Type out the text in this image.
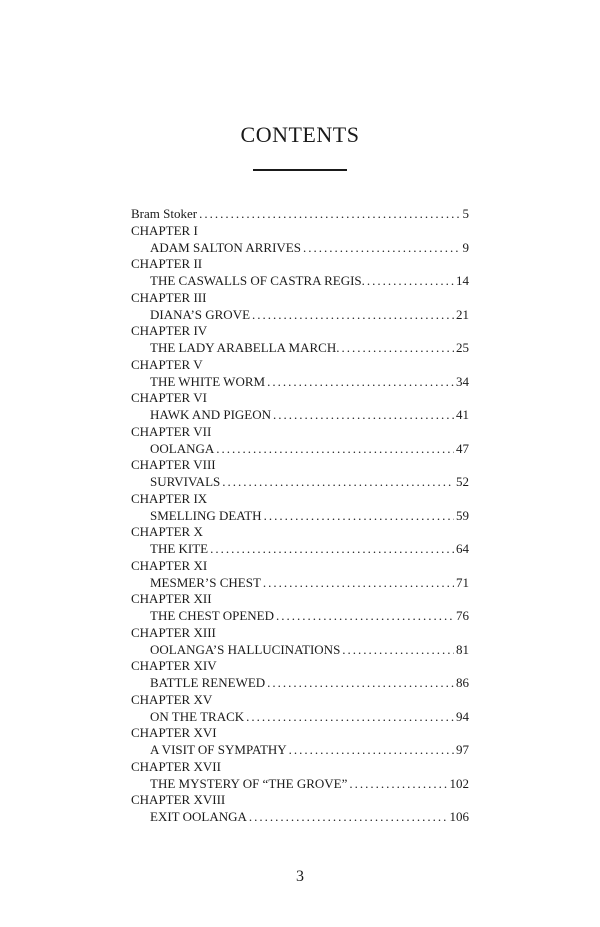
CONTENTS
Bram Stoker .....	5
CHAPTER I
ADAM SALTON ARRIVES .....	9
CHAPTER II
THE CASWALLS OF CASTRA REGIS. .....	14
CHAPTER III
DIANA’S GROVE .....	21
CHAPTER IV
THE LADY ARABELLA MARCH. .....	25
CHAPTER V
THE WHITE WORM .....	34
CHAPTER VI
HAWK AND PIGEON .....	41
CHAPTER VII
OOLANGA .....	47
CHAPTER VIII
SURVIVALS .....	52
CHAPTER IX
SMELLING DEATH .....	59
CHAPTER X
THE KITE .....	64
CHAPTER XI
MESMER’S CHEST .....	71
CHAPTER XII
THE CHEST OPENED .....	76
CHAPTER XIII
OOLANGA’S HALLUCINATIONS .....	81
CHAPTER XIV
BATTLE RENEWED .....	86
CHAPTER XV
ON THE TRACK .....	94
CHAPTER XVI
A VISIT OF SYMPATHY .....	97
CHAPTER XVII
THE MYSTERY OF “THE GROVE” .....	102
CHAPTER XVIII
EXIT OOLANGA .....	106
3
